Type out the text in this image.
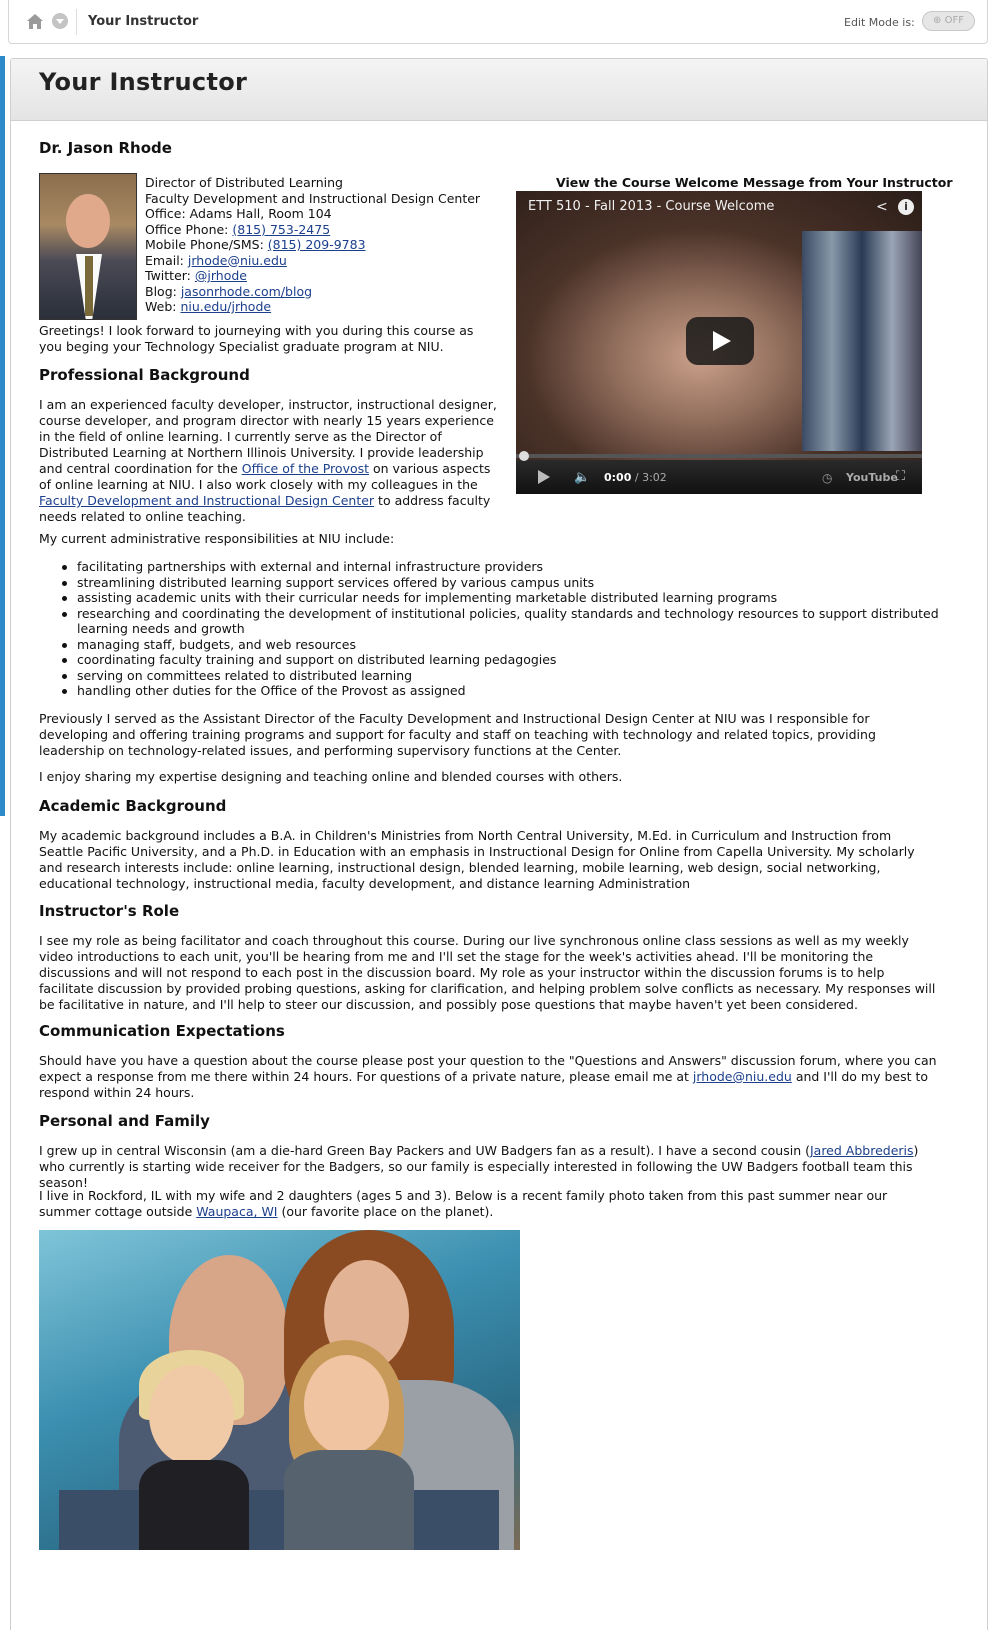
Your Instructor	Edit Mode is:	⊕ OFF
Your Instructor
Dr. Jason Rhode
Director of Distributed Learning
Faculty Development and Instructional Design Center
Office: Adams Hall, Room 104
Office Phone: (815) 753-2475
Mobile Phone/SMS: (815) 209-9783
Email: jrhode@niu.edu
Twitter: @jrhode
Blog: jasonrhode.com/blog
Web: niu.edu/jrhode
View the Course Welcome Message from Your Instructor
ETT 510 - Fall 2013 - Course Welcome	<	i
🔈 0:00 / 3:02	◷ YouTube
⛶

Greetings! I look forward to journeying with you during this course as you beging your Technology Specialist graduate program at NIU.

Professional Background

I am an experienced faculty developer, instructor, instructional designer, course developer, and program director with nearly 15 years experience in the field of online learning. I currently serve as the Director of Distributed Learning at Northern Illinois University. I provide leadership and central coordination for the Office of the Provost on various aspects of online learning at NIU. I also work closely with my colleagues in the Faculty Development and Instructional Design Center to address faculty needs related to online teaching.

My current administrative responsibilities at NIU include:

facilitating partnerships with external and internal infrastructure providers
streamlining distributed learning support services offered by various campus units
assisting academic units with their curricular needs for implementing marketable distributed learning programs
researching and coordinating the development of institutional policies, quality standards and technology resources to support distributed learning needs and growth
managing staff, budgets, and web resources
coordinating faculty training and support on distributed learning pedagogies
serving on committees related to distributed learning
handling other duties for the Office of the Provost as assigned

Previously I served as the Assistant Director of the Faculty Development and Instructional Design Center at NIU was I responsible for developing and offering training programs and support for faculty and staff on teaching with technology and related topics, providing leadership on technology-related issues, and performing supervisory functions at the Center.

I enjoy sharing my expertise designing and teaching online and blended courses with others.

Academic Background

My academic background includes a B.A. in Children's Ministries from North Central University, M.Ed. in Curriculum and Instruction from Seattle Pacific University, and a Ph.D. in Education with an emphasis in Instructional Design for Online from Capella University. My scholarly and research interests include: online learning, instructional design, blended learning, mobile learning, web design, social networking, educational technology, instructional media, faculty development, and distance learning Administration

Instructor's Role

I see my role as being facilitator and coach throughout this course. During our live synchronous online class sessions as well as my weekly video introductions to each unit, you'll be hearing from me and I'll set the stage for the week's activities ahead. I'll be monitoring the discussions and will not respond to each post in the discussion board. My role as your instructor within the discussion forums is to help facilitate discussion by provided probing questions, asking for clarification, and helping problem solve conflicts as necessary. My responses will be facilitative in nature, and I'll help to steer our discussion, and possibly pose questions that maybe haven't yet been considered.

Communication Expectations

Should have you have a question about the course please post your question to the "Questions and Answers" discussion forum, where you can expect a response from me there within 24 hours. For questions of a private nature, please email me at jrhode@niu.edu and I'll do my best to respond within 24 hours.

Personal and Family

I grew up in central Wisconsin (am a die-hard Green Bay Packers and UW Badgers fan as a result). I have a second cousin (Jared Abbrederis) who currently is starting wide receiver for the Badgers, so our family is especially interested in following the UW Badgers football team this season!

I live in Rockford, IL with my wife and 2 daughters (ages 5 and 3). Below is a recent family photo taken from this past summer near our summer cottage outside Waupaca, WI (our favorite place on the planet).
